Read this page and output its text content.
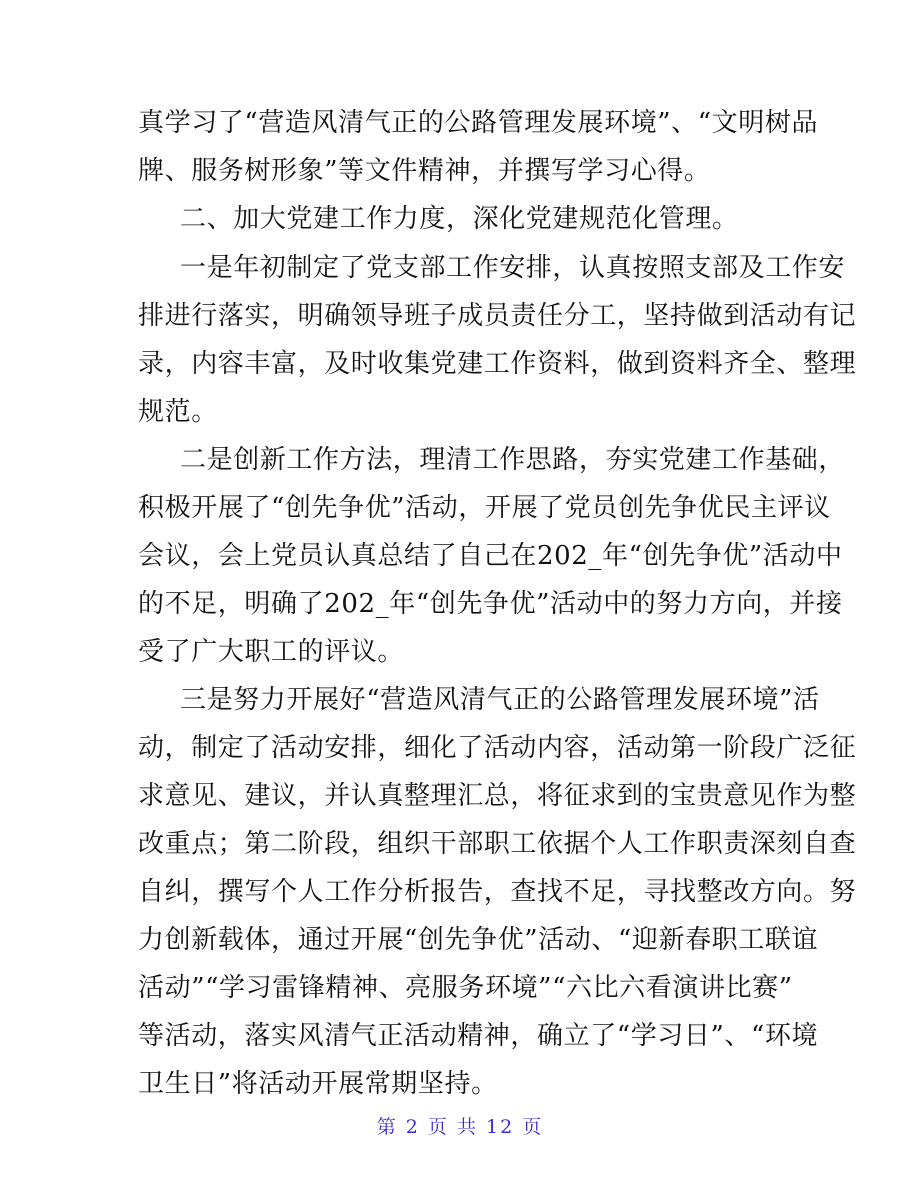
真学习了“营造风清气正的公路管理发展环境”、“文明树品
牌、服务树形象”等文件精神，并撰写学习心得。
二、加大党建工作力度，深化党建规范化管理。
一是年初制定了党支部工作安排，认真按照支部及工作安
排进行落实，明确领导班子成员责任分工，坚持做到活动有记
录，内容丰富，及时收集党建工作资料，做到资料齐全、整理
规范。
二是创新工作方法，理清工作思路，夯实党建工作基础，
积极开展了“创先争优”活动，开展了党员创先争优民主评议
会议，会上党员认真总结了自己在202_年“创先争优”活动中
的不足，明确了202_年“创先争优”活动中的努力方向，并接
受了广大职工的评议。
三是努力开展好“营造风清气正的公路管理发展环境”活
动，制定了活动安排，细化了活动内容，活动第一阶段广泛征
求意见、建议，并认真整理汇总，将征求到的宝贵意见作为整
改重点；第二阶段，组织干部职工依据个人工作职责深刻自查
自纠，撰写个人工作分析报告，查找不足，寻找整改方向。努
力创新载体，通过开展“创先争优”活动、“迎新春职工联谊
活动”“学习雷锋精神、亮服务环境”“六比六看演讲比赛”
等活动，落实风清气正活动精神，确立了“学习日”、“环境
卫生日”将活动开展常期坚持。
第 2 页 共 12 页
